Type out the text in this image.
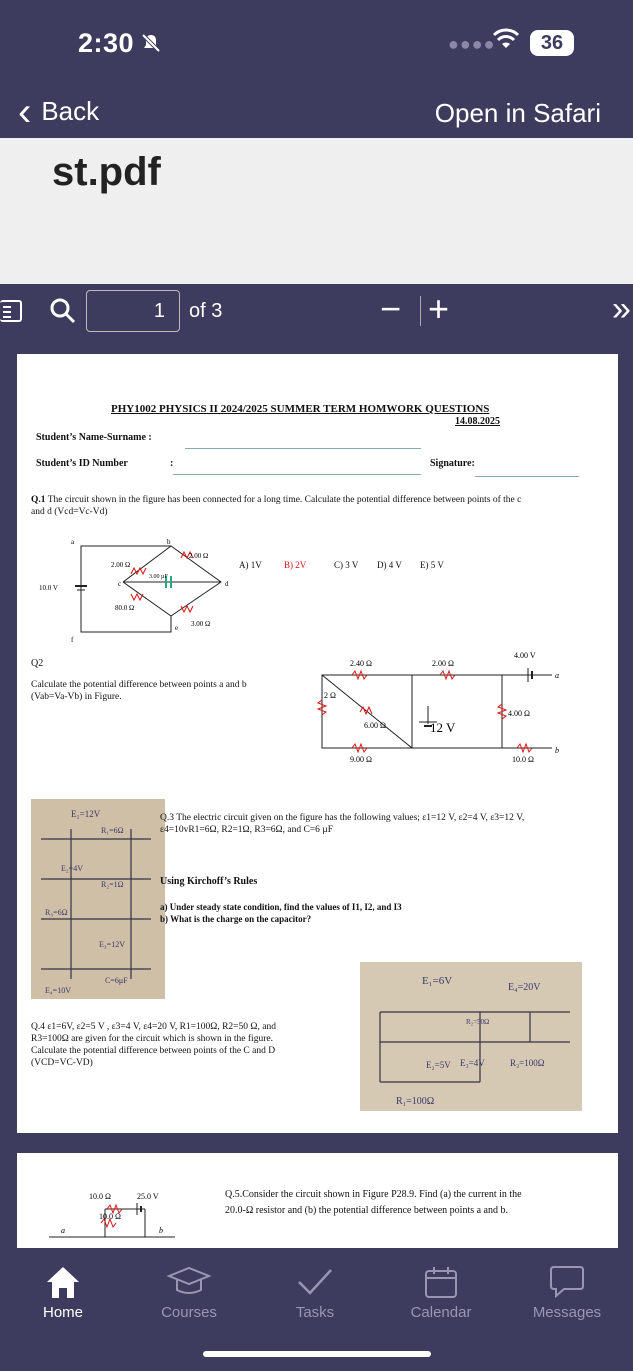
2:30	●●●●	36
‹ Back	Open in Safari
st.pdf
1	of 3	− +	»
PHY1002 PHYSICS II 2024/2025 SUMMER TERM HOMWORK QUESTIONS
14.08.2025
Student’s Name-Surname :
Student’s ID Number	:	Signature:
Q.1 The circuit shown in the figure has been connected for a long time. Calculate the potential difference between points of the c
and d (Vcd=Vc-Vd)
2.00 Ω
2.00 Ω
3.00 µF
80.0 Ω
3.00 Ω
10.0 V
a	b
c	d
e
f
A) 1V B) 2V	C) 3 V D) 4 V E) 5 V
Q2
Calculate the potential difference between points a and b
(Vab=Va-Vb) in Figure.
2.40 Ω
2 Ω
6.00 Ω
9.00 Ω
2.00 Ω
12 V
4.00 V
4.00 Ω
10.0 Ω
a
b
E₁=12V
R₁=6Ω
E₂=4V
R₂=1Ω
R₃=6Ω
E₃=12V
E₄=10V
C=6μF
Q.3 The electric circuit given on the figure has the following values; ε1=12 V, ε2=4 V, ε3=12 V,
ε4=10vR1=6Ω, R2=1Ω, R3=6Ω, and C=6 µF
Using Kirchoff’s Rules
a) Under steady state condition, find the values of I1, I2, and I3
b) What is the charge on the capacitor?
Q.4 ε1=6V, ε2=5 V , ε3=4 V, ε4=20 V, R1=100Ω, R2=50 Ω, and
R3=100Ω are given for the circuit which is shown in the figure.
Calculate the potential difference between points of the C and D
(VCD=VC-VD)
E₁=6V
E₄=20V
R₂=50Ω
E₂=5V E₃=4V	R₃=100Ω
R₁=100Ω
10.0 Ω	25.0 V
10.0 Ω
a	b
Q.5.Consider the circuit shown in Figure P28.9. Find (a) the current in the
20.0-Ω resistor and (b) the potential difference between points a and b.
Home	Courses	Tasks	Calendar	Messages
